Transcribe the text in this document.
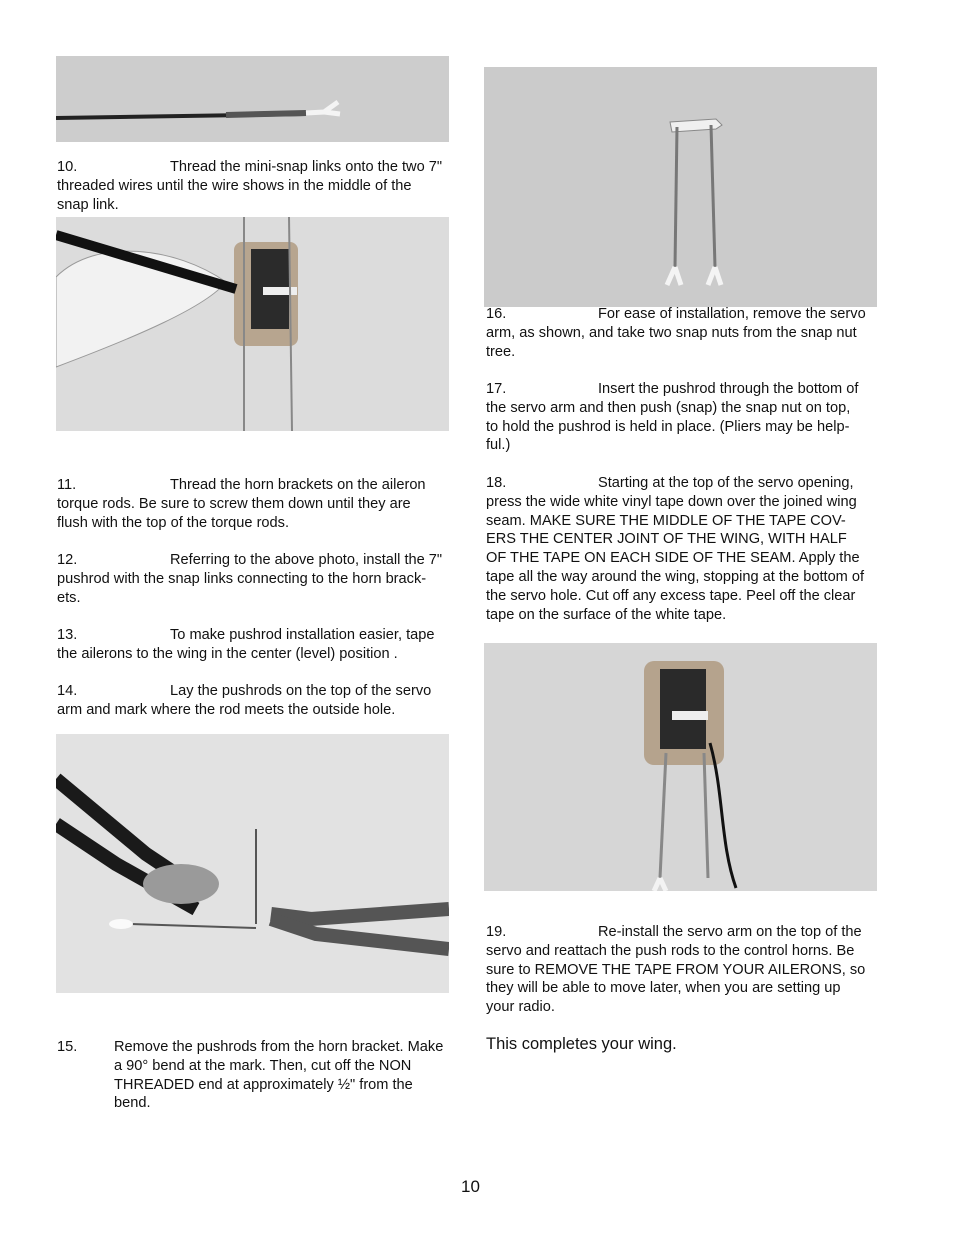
10.	Thread the mini-snap links onto the two 7"
threaded wires until the wire shows in the middle of the
snap link.
11.	Thread the horn brackets on the aileron
torque rods. Be sure to screw them down until they are
flush with the top of the torque rods.
12.	Referring to the above photo, install the 7"
pushrod with the snap links connecting to the horn brack-
ets.
13.	To make pushrod installation easier, tape
the ailerons to the wing in the center (level) position .
14.	Lay the pushrods on the top of the servo
arm and mark where the rod meets the outside hole.
15.	Remove the pushrods from the horn bracket. Make
a 90° bend at the mark. Then, cut off the NON
THREADED end at approximately ½" from the
bend.
16.	For ease of installation, remove the servo
arm, as shown, and take two snap nuts from the snap nut
tree.
17.	Insert the pushrod through the bottom of
the servo arm and then push (snap) the snap nut on top,
to hold the pushrod is held in place. (Pliers may be help-
ful.)
18.	Starting at the top of the servo opening,
press the wide white vinyl tape down over the joined wing
seam. MAKE SURE THE MIDDLE OF THE TAPE COV-
ERS THE CENTER JOINT OF THE WING, WITH HALF
OF THE TAPE ON EACH SIDE OF THE SEAM. Apply the
tape all the way around the wing, stopping at the bottom of
the servo hole. Cut off any excess tape. Peel off the clear
tape on the surface of the white tape.
19.	Re-install the servo arm on the top of the
servo and reattach the push rods to the control horns. Be
sure to REMOVE THE TAPE FROM YOUR AILERONS, so
they will be able to move later, when you are setting up
your radio.
This completes your wing.
10
